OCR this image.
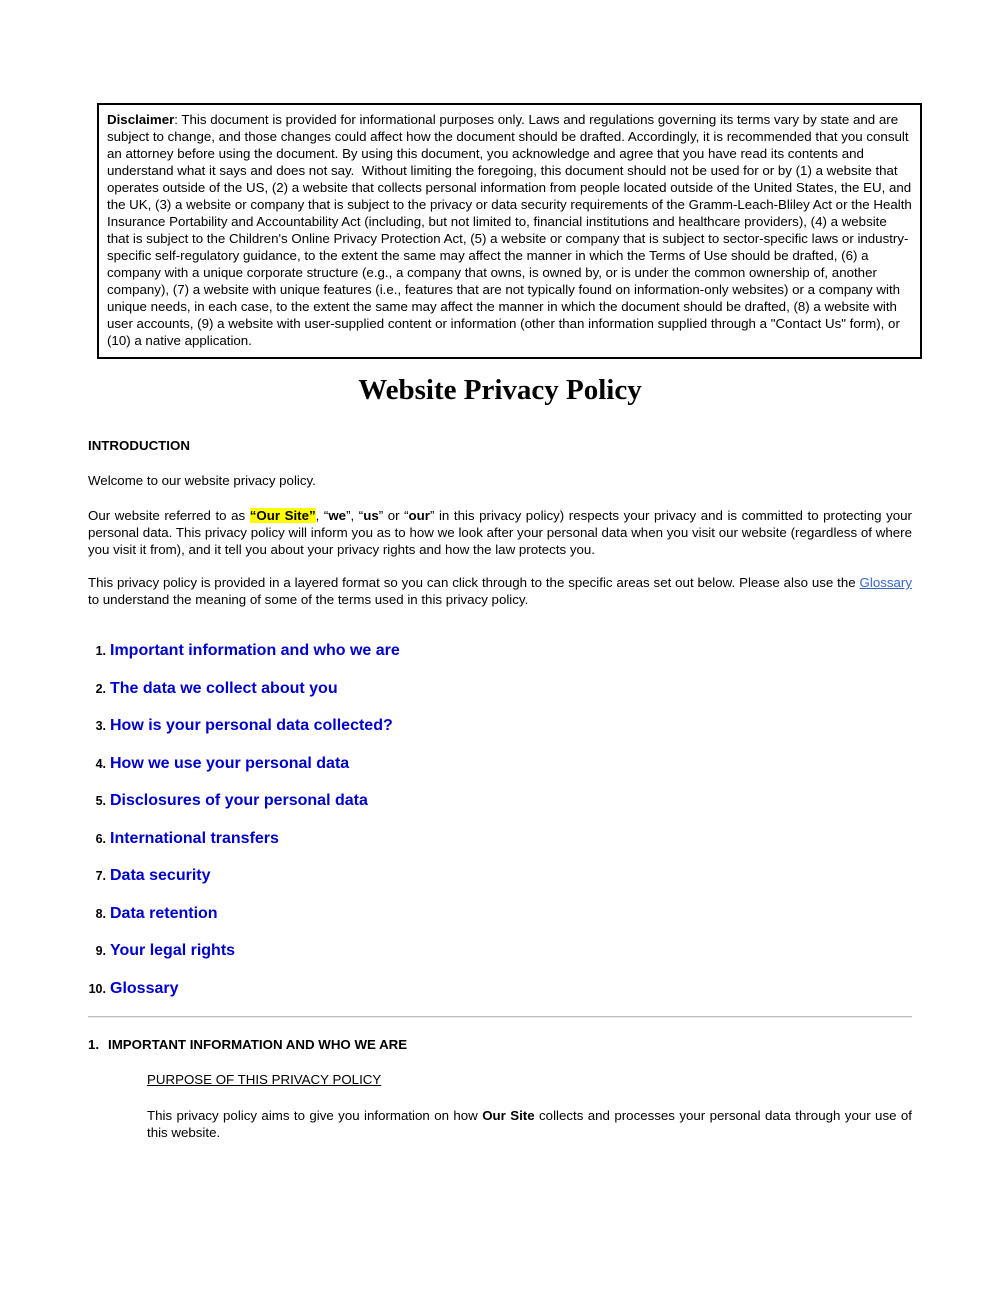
Disclaimer: This document is provided for informational purposes only. Laws and regulations governing its terms vary by state and are subject to change, and those changes could affect how the document should be drafted. Accordingly, it is recommended that you consult an attorney before using the document. By using this document, you acknowledge and agree that you have read its contents and understand what it says and does not say.  Without limiting the foregoing, this document should not be used for or by (1) a website that operates outside of the US, (2) a website that collects personal information from people located outside of the United States, the EU, and the UK, (3) a website or company that is subject to the privacy or data security requirements of the Gramm-Leach-Bliley Act or the Health Insurance Portability and Accountability Act (including, but not limited to, financial institutions and healthcare providers), (4) a website that is subject to the Children's Online Privacy Protection Act, (5) a website or company that is subject to sector-specific laws or industry-specific self-regulatory guidance, to the extent the same may affect the manner in which the Terms of Use should be drafted, (6) a company with a unique corporate structure (e.g., a company that owns, is owned by, or is under the common ownership of, another company), (7) a website with unique features (i.e., features that are not typically found on information-only websites) or a company with unique needs, in each case, to the extent the same may affect the manner in which the document should be drafted, (8) a website with user accounts, (9) a website with user-supplied content or information (other than information supplied through a "Contact Us" form), or (10) a native application.

Website Privacy Policy

INTRODUCTION

Welcome to our website privacy policy.

Our website referred to as “Our Site”, “we”, “us” or “our” in this privacy policy) respects your privacy and is committed to protecting your personal data. This privacy policy will inform you as to how we look after your personal data when you visit our website (regardless of where you visit it from), and it tell you about your privacy rights and how the law protects you.

This privacy policy is provided in a layered format so you can click through to the specific areas set out below. Please also use the Glossary to understand the meaning of some of the terms used in this privacy policy.

1. Important information and who we are
2. The data we collect about you
3. How is your personal data collected?
4. How we use your personal data
5. Disclosures of your personal data
6. International transfers
7. Data security
8. Data retention
9. Your legal rights
10. Glossary

1. IMPORTANT INFORMATION AND WHO WE ARE

PURPOSE OF THIS PRIVACY POLICY

This privacy policy aims to give you information on how Our Site collects and processes your personal data through your use of this website.
